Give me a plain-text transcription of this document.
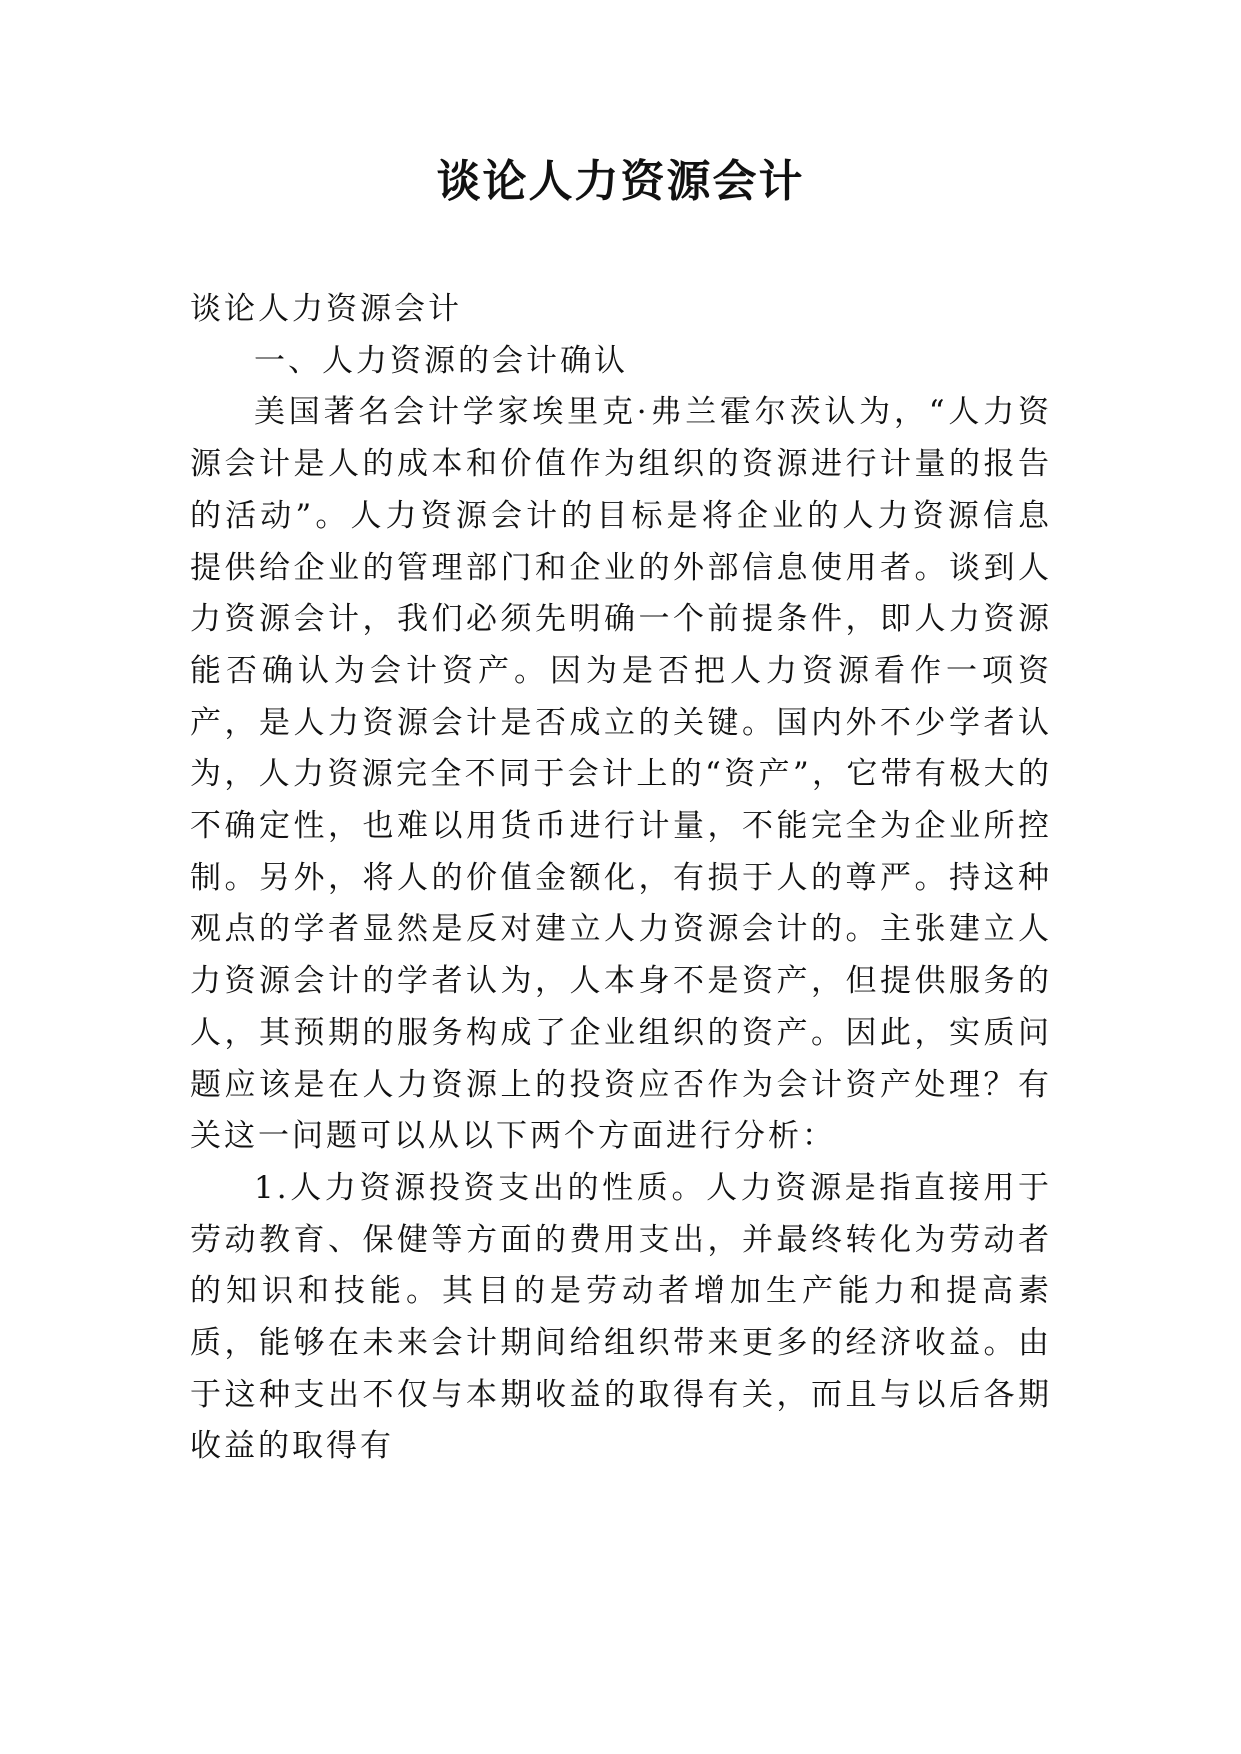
谈论人力资源会计

谈论人力资源会计

一、人力资源的会计确认

美国著名会计学家埃里克·弗兰霍尔茨认为，“人力资源会计是人的成本和价值作为组织的资源进行计量的报告的活动”。人力资源会计的目标是将企业的人力资源信息提供给企业的管理部门和企业的外部信息使用者。谈到人力资源会计，我们必须先明确一个前提条件，即人力资源能否确认为会计资产。因为是否把人力资源看作一项资产，是人力资源会计是否成立的关键。国内外不少学者认为，人力资源完全不同于会计上的“资产”，它带有极大的不确定性，也难以用货币进行计量，不能完全为企业所控制。另外，将人的价值金额化，有损于人的尊严。持这种观点的学者显然是反对建立人力资源会计的。主张建立人力资源会计的学者认为，人本身不是资产，但提供服务的人，其预期的服务构成了企业组织的资产。因此，实质问题应该是在人力资源上的投资应否作为会计资产处理？有关这一问题可以从以下两个方面进行分析：

1.人力资源投资支出的性质。人力资源是指直接用于劳动教育、保健等方面的费用支出，并最终转化为劳动者的知识和技能。其目的是劳动者增加生产能力和提高素质，能够在未来会计期间给组织带来更多的经济收益。由于这种支出不仅与本期收益的取得有关，而且与以后各期收益的取得有
